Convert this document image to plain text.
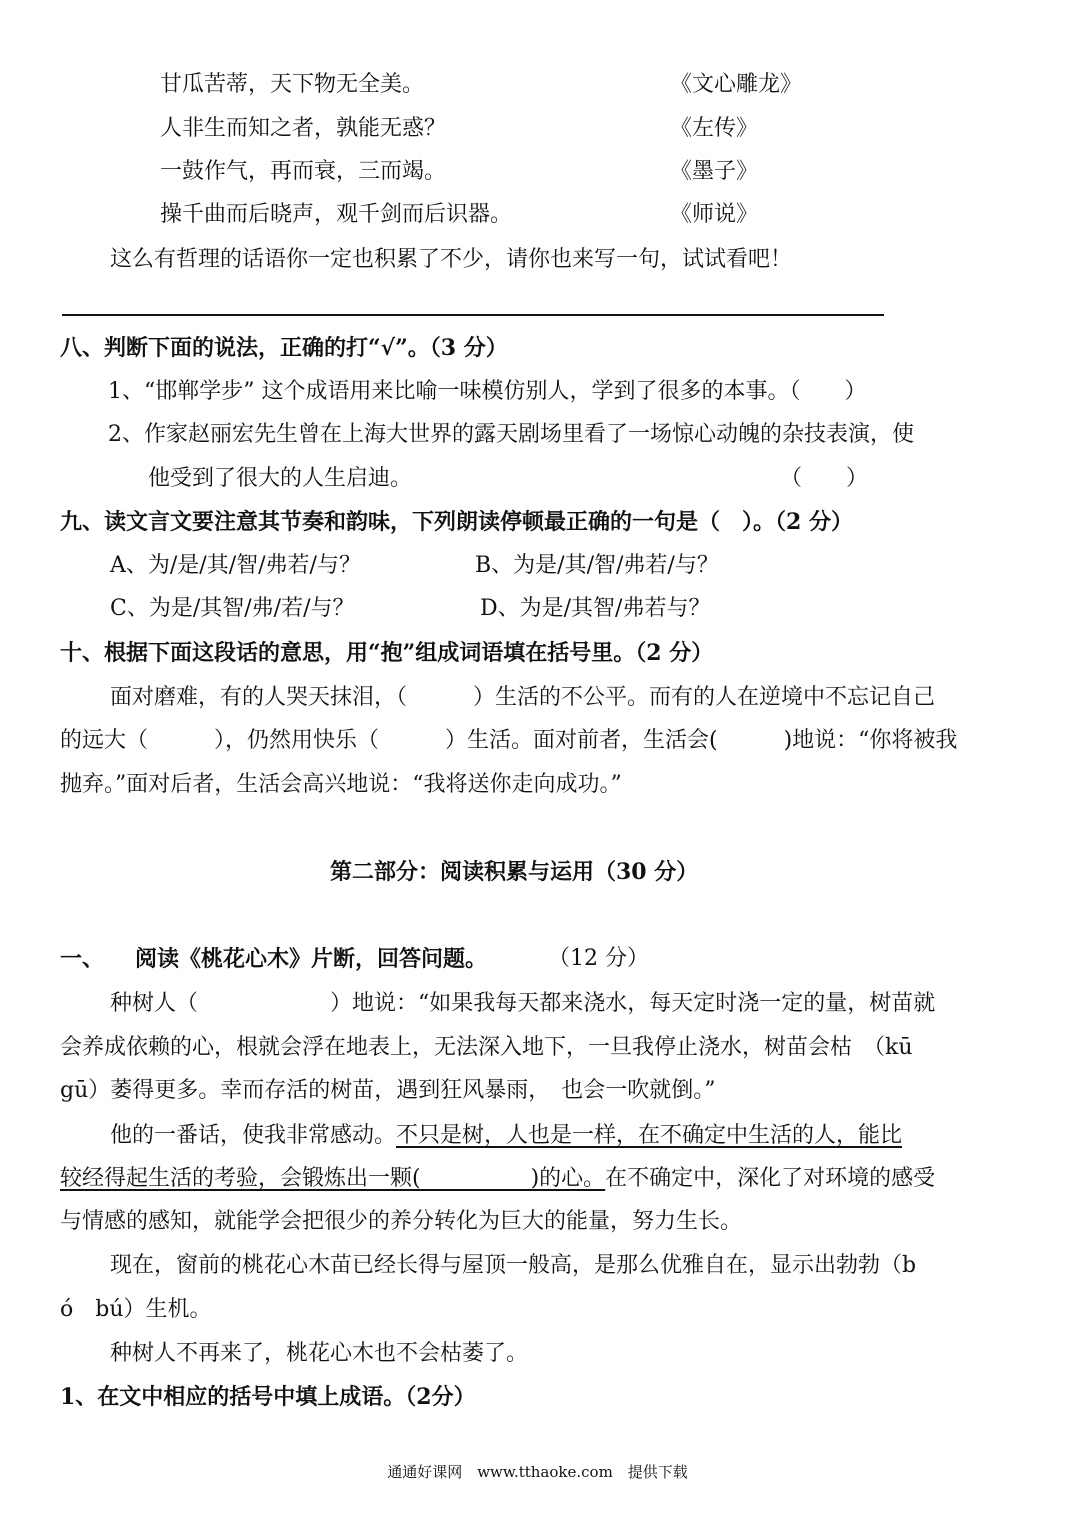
甘瓜苦蒂，天下物无全美。	《文心雕龙》
人非生而知之者，孰能无惑？	《左传》
一鼓作气，再而衰，三而竭。	《墨子》
操千曲而后晓声，观千剑而后识器。	《师说》
这么有哲理的话语你一定也积累了不少，请你也来写一句，试试看吧！
八、判断下面的说法，正确的打“√”。（3 分）
1、“邯郸学步” 这个成语用来比喻一味模仿别人，学到了很多的本事。（　　）
2、作家赵丽宏先生曾在上海大世界的露天剧场里看了一场惊心动魄的杂技表演，使
他受到了很大的人生启迪。	（　　）
九、读文言文要注意其节奏和韵味，下列朗读停顿最正确的一句是（　）。（2 分）
A、为/是/其/智/弗若/与？	B、为是/其/智/弗若/与？
C、为是/其智/弗/若/与？	D、为是/其智/弗若与？
十、根据下面这段话的意思，用“抱”组成词语填在括号里。（2 分）
面对磨难，有的人哭天抹泪，（　　　）生活的不公平。而有的人在逆境中不忘记自己
的远大（　　　），仍然用快乐（　　　）生活。面对前者，生活会(　　　)地说：“你将被我
抛弃。”面对后者，生活会高兴地说：“我将送你走向成功。”
第二部分：阅读积累与运用（30 分）
一、 阅读《桃花心木》片断，回答问题。	（12 分）
种树人（　　　　　　）地说：“如果我每天都来浇水，每天定时浇一定的量，树苗就
会养成依赖的心，根就会浮在地表上，无法深入地下，一旦我停止浇水，树苗会枯　（kū
gū）萎得更多。幸而存活的树苗，遇到狂风暴雨，　也会一吹就倒。”
他的一番话，使我非常感动。不只是树，人也是一样，在不确定中生活的人，能比
较经得起生活的考验，会锻炼出一颗(　　　　　)的心。在不确定中，深化了对环境的感受
与情感的感知，就能学会把很少的养分转化为巨大的能量，努力生长。
现在，窗前的桃花心木苗已经长得与屋顶一般高，是那么优雅自在，显示出勃勃（b
ó　bú）生机。
种树人不再来了，桃花心木也不会枯萎了。
1、在文中相应的括号中填上成语。（2分）
通通好课网　www.tthaoke.com　提供下载
